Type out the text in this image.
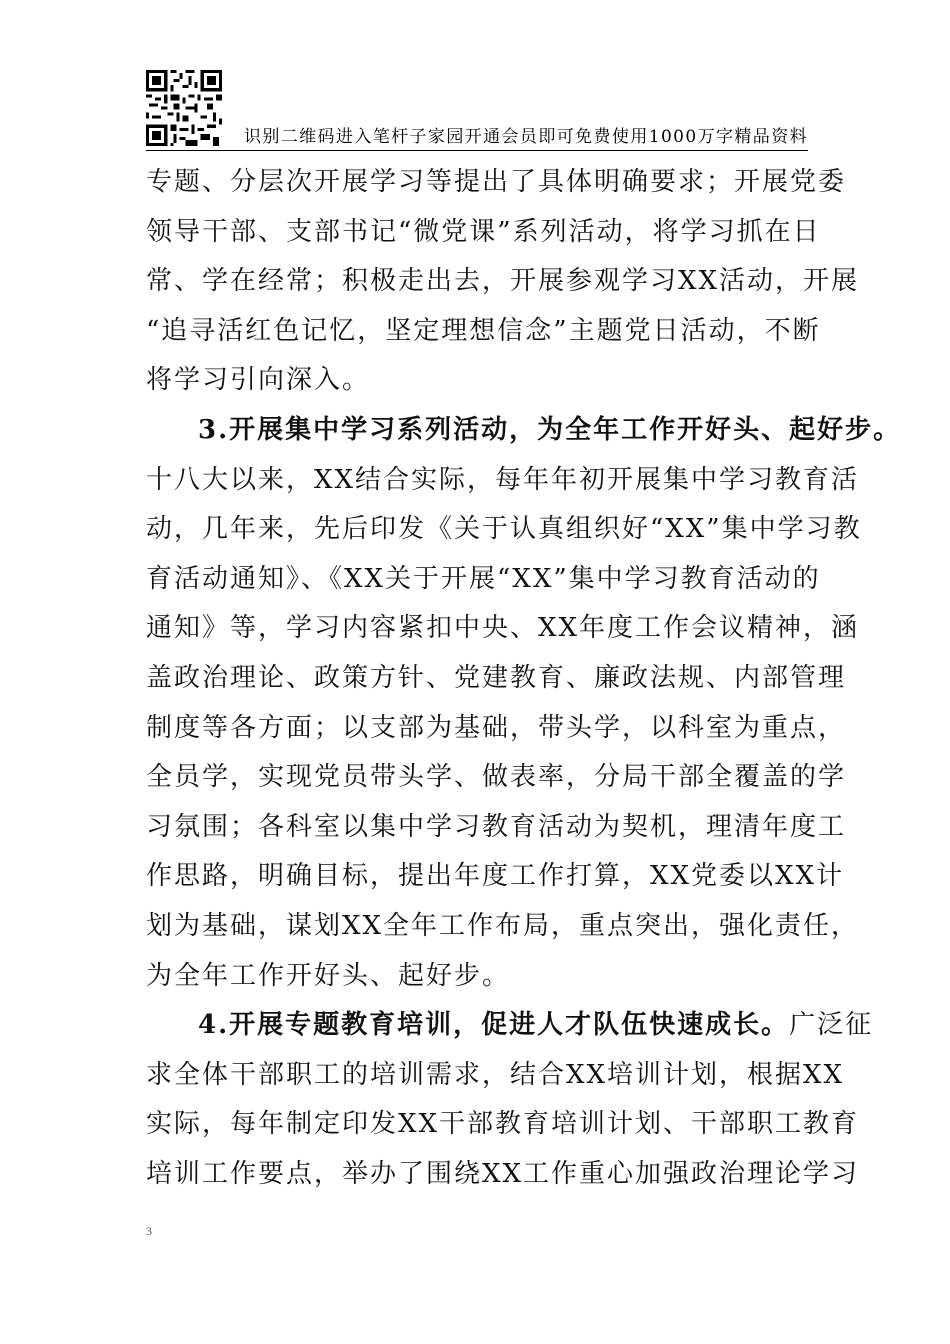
识别二维码进入笔杆子家园开通会员即可免费使用1000万字精品资料
专题、分层次开展学习等提出了具体明确要求；开展党委
领导干部、支部书记“微党课”系列活动，将学习抓在日
常、学在经常；积极走出去，开展参观学习XX活动，开展
“追寻活红色记忆，坚定理想信念”主题党日活动，不断
将学习引向深入。
3.开展集中学习系列活动，为全年工作开好头、起好步。
十八大以来，XX结合实际，每年年初开展集中学习教育活
动，几年来，先后印发《关于认真组织好“XX”集中学习教
育活动通知》、《XX关于开展“XX”集中学习教育活动的
通知》等，学习内容紧扣中央、XX年度工作会议精神，涵
盖政治理论、政策方针、党建教育、廉政法规、内部管理
制度等各方面；以支部为基础，带头学，以科室为重点，
全员学，实现党员带头学、做表率，分局干部全覆盖的学
习氛围；各科室以集中学习教育活动为契机，理清年度工
作思路，明确目标，提出年度工作打算，XX党委以XX计
划为基础，谋划XX全年工作布局，重点突出，强化责任，
为全年工作开好头、起好步。
4.开展专题教育培训，促进人才队伍快速成长。广泛征
求全体干部职工的培训需求，结合XX培训计划，根据XX
实际，每年制定印发XX干部教育培训计划、干部职工教育
培训工作要点，举办了围绕XX工作重心加强政治理论学习
3
